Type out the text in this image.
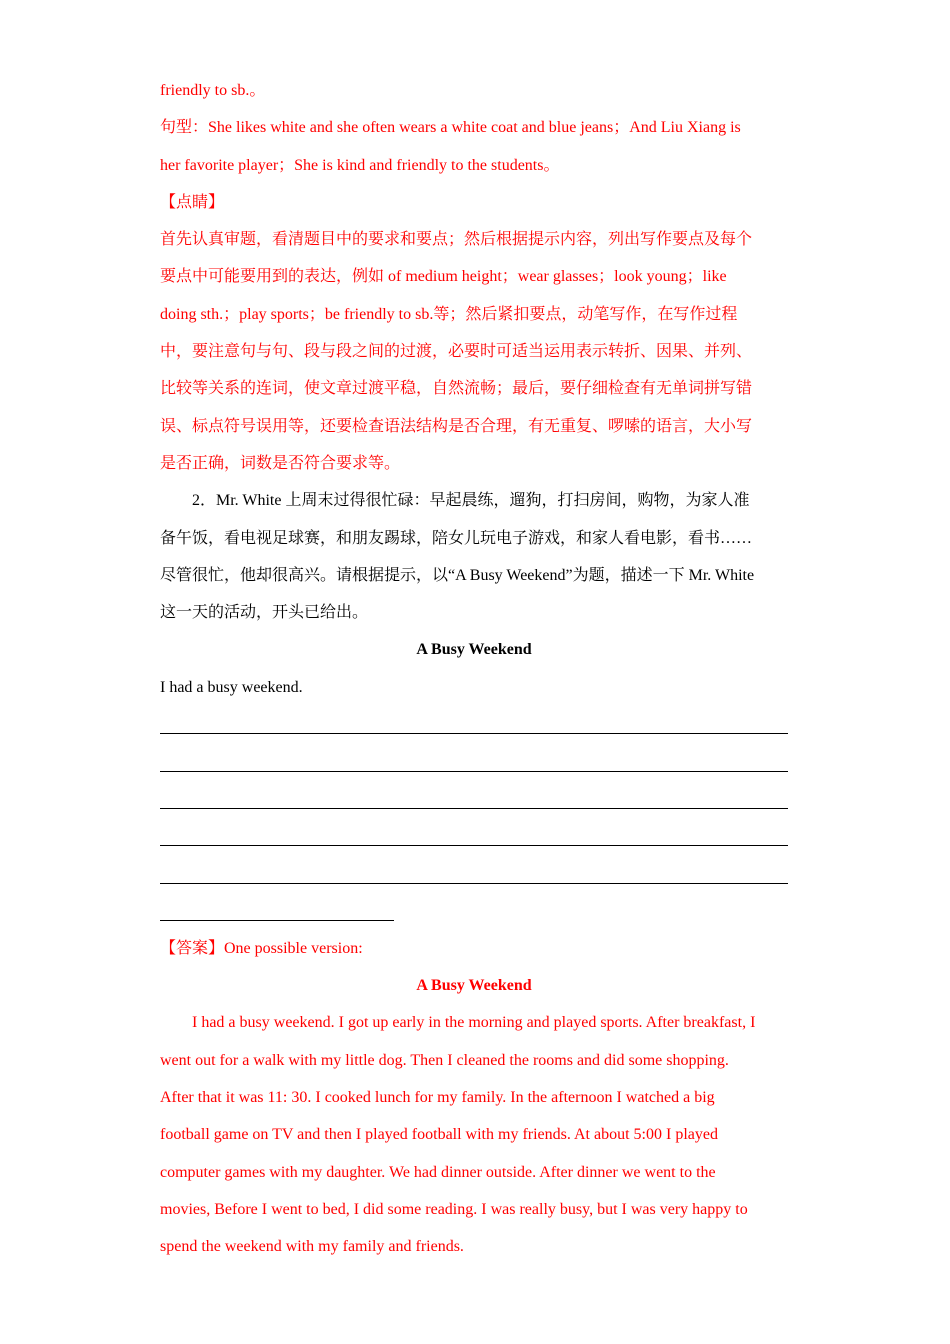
friendly to sb.。
句型：She likes white and she often wears a white coat and blue jeans；And Liu Xiang is
her favorite player；She is kind and friendly to the students。
【点睛】
首先认真审题，看清题目中的要求和要点；然后根据提示内容，列出写作要点及每个
要点中可能要用到的表达，例如 of medium height；wear glasses；look young；like
doing sth.；play sports；be friendly to sb.等；然后紧扣要点，动笔写作，在写作过程
中，要注意句与句、段与段之间的过渡，必要时可适当运用表示转折、因果、并列、
比较等关系的连词，使文章过渡平稳，自然流畅；最后，要仔细检查有无单词拼写错
误、标点符号误用等，还要检查语法结构是否合理，有无重复、啰嗦的语言，大小写
是否正确，词数是否符合要求等。
2．Mr. White 上周末过得很忙碌：早起晨练，遛狗，打扫房间，购物，为家人准
备午饭，看电视足球赛，和朋友踢球，陪女儿玩电子游戏，和家人看电影，看书……
尽管很忙，他却很高兴。请根据提示，以“A Busy Weekend”为题，描述一下 Mr. White
这一天的活动，开头已给出。
A Busy Weekend
I had a busy weekend.
【答案】One possible version:
A Busy Weekend
I had a busy weekend. I got up early in the morning and played sports. After breakfast, I
went out for a walk with my little dog. Then I cleaned the rooms and did some shopping.
After that it was 11: 30. I cooked lunch for my family. In the afternoon I watched a big
football game on TV and then I played football with my friends. At about 5:00 I played
computer games with my daughter. We had dinner outside. After dinner we went to the
movies, Before I went to bed, I did some reading. I was really busy, but I was very happy to
spend the weekend with my family and friends.
